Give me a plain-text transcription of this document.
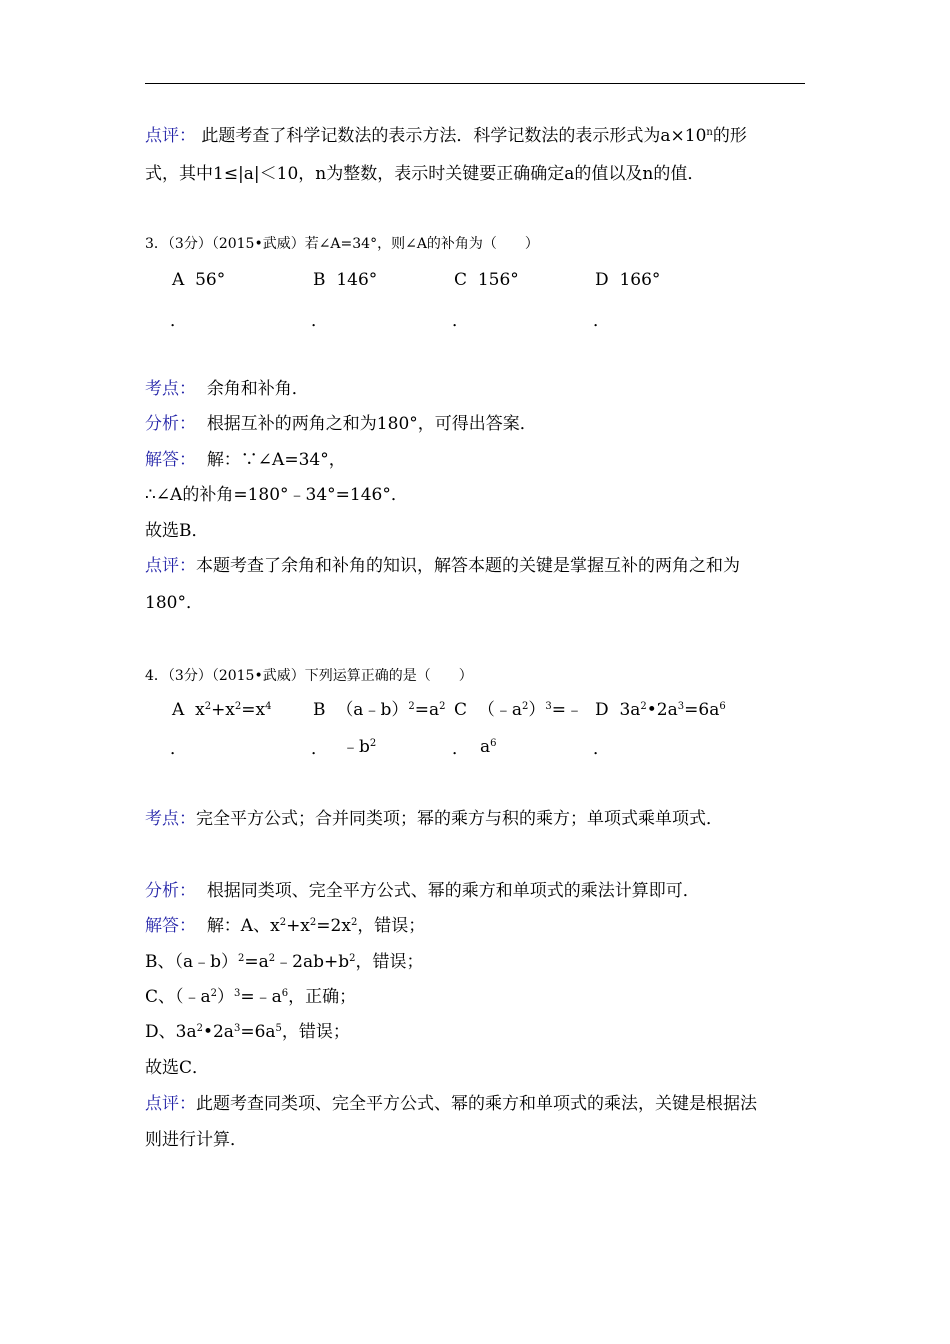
点评： 此题考查了科学记数法的表示方法．科学记数法的表示形式为$a\times 10^n$的形
式，其中1≤|a|＜10，n为整数，表示时关键要正确确定a的值以及n的值．
3．（3分）（2015•武威）若∠A=34°，则∠A的补角为（　　）
A 56°	B 146°	C 156°	D 166°
．	．	．	．
考点： 余角和补角．
分析： 根据互补的两角之和为180°，可得出答案．
解答： 解：∵∠A=34°，
∴∠A的补角=180°﹣34°=146°．
故选B．
点评：本题考查了余角和补角的知识，解答本题的关键是掌握互补的两角之和为
180°．
4．（3分）（2015•武威）下列运算正确的是（　　）
A $x^2+x^2=x^4$ B $(a﹣b)^2=a^2$ C $(﹣a^2)^3=﹣$ D $3a^2•2a^3=6a^6$
．	． $﹣b^2$	． $a^6$	．
考点：完全平方公式；合并同类项；幂的乘方与积的乘方；单项式乘单项式．
分析： 根据同类项、完全平方公式、幂的乘方和单项式的乘法计算即可．
解答： 解：A、$x^2+x^2=2x^2$，错误；
B、$(a﹣b)^2=a^2﹣2ab+b^2$，错误；
C、$(﹣a^2)^3=﹣a^6$，正确；
D、$3a^2•2a^3=6a^5$，错误；
故选C．
点评：此题考查同类项、完全平方公式、幂的乘方和单项式的乘法，关键是根据法
则进行计算．
